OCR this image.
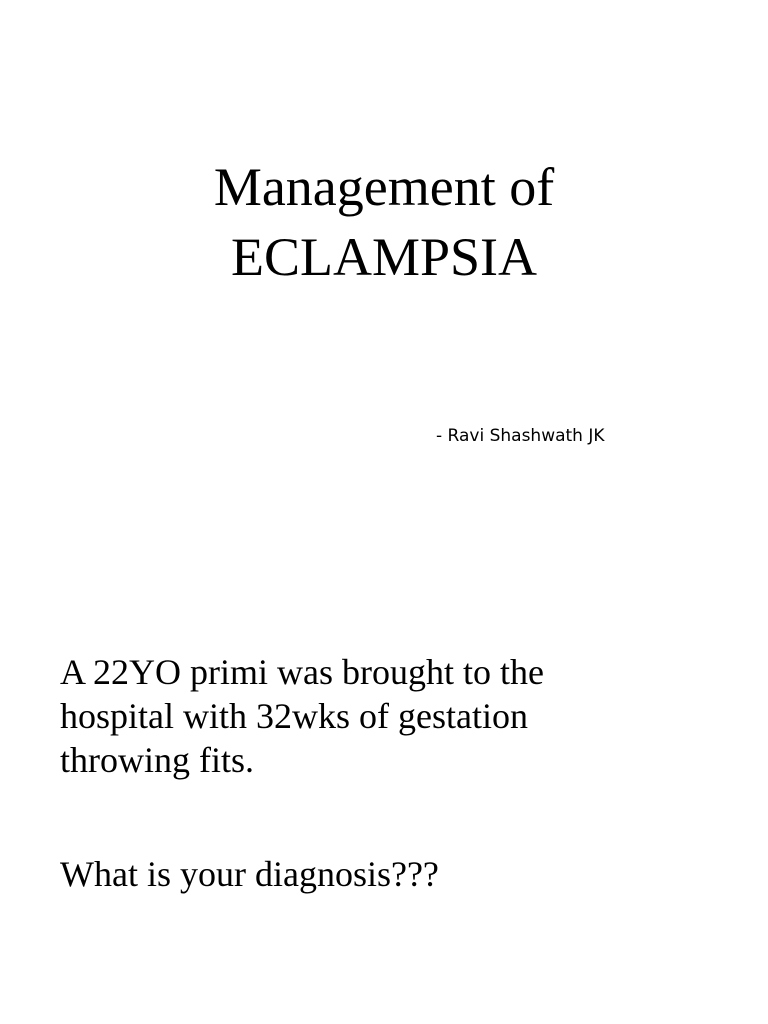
Management of
ECLAMPSIA

- Ravi Shashwath JK

A 22YO primi was brought to the
hospital with 32wks of gestation
throwing fits.

What is your diagnosis???
